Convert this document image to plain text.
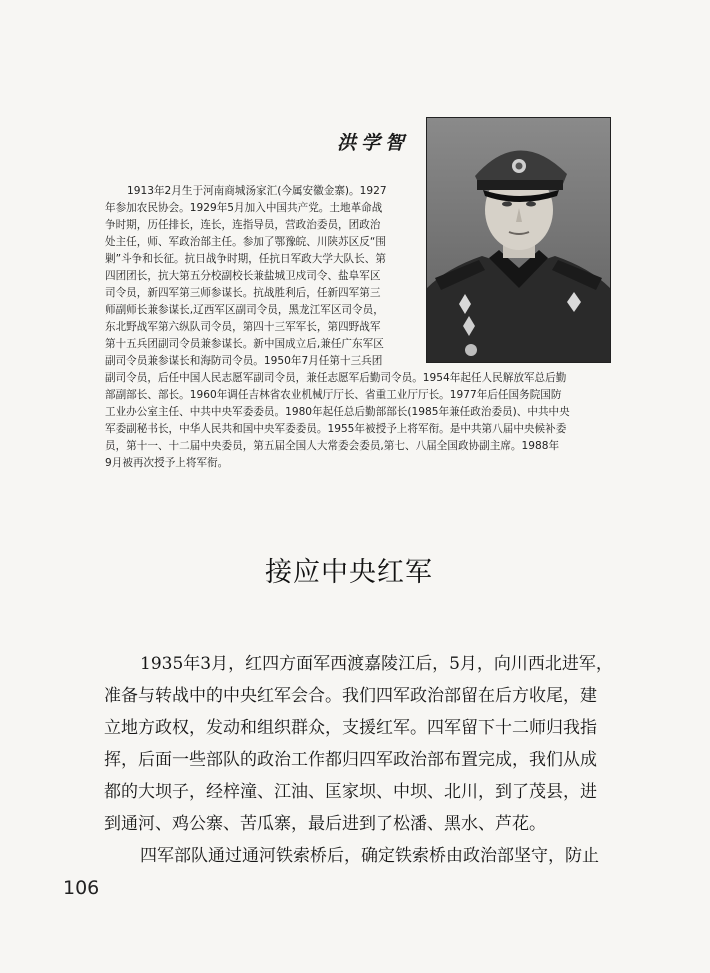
洪学智
1913年2月生于河南商城汤家汇(今属安徽金寨)。1927
年参加农民协会。1929年5月加入中国共产党。土地革命战
争时期，历任排长，连长，连指导员，营政治委员，团政治
处主任，师、军政治部主任。参加了鄂豫皖、川陕苏区反“围
剿”斗争和长征。抗日战争时期，任抗日军政大学大队长、第
四团团长，抗大第五分校副校长兼盐城卫戍司令、盐阜军区
司令员，新四军第三师参谋长。抗战胜利后，任新四军第三
师副师长兼参谋长,辽西军区副司令员，黑龙江军区司令员，
东北野战军第六纵队司令员，第四十三军军长，第四野战军
第十五兵团副司令员兼参谋长。新中国成立后,兼任广东军区
副司令员兼参谋长和海防司令员。1950年7月任第十三兵团
副司令员，后任中国人民志愿军副司令员，兼任志愿军后勤司令员。1954年起任人民解放军总后勤
部副部长、部长。1960年调任吉林省农业机械厅厅长、省重工业厅厅长。1977年后任国务院国防
工业办公室主任、中共中央军委委员。1980年起任总后勤部部长(1985年兼任政治委员)、中共中央
军委副秘书长，中华人民共和国中央军委委员。1955年被授予上将军衔。是中共第八届中央候补委
员，第十一、十二届中央委员，第五届全国人大常委会委员,第七、八届全国政协副主席。1988年
9月被再次授予上将军衔。
接应中央红军
1935年3月，红四方面军西渡嘉陵江后，5月，向川西北进军，
准备与转战中的中央红军会合。我们四军政治部留在后方收尾，建
立地方政权，发动和组织群众，支援红军。四军留下十二师归我指
挥，后面一些部队的政治工作都归四军政治部布置完成，我们从成
都的大坝子，经梓潼、江油、匡家坝、中坝、北川，到了茂县，进
到通河、鸡公寨、苦瓜寨，最后进到了松潘、黑水、芦花。
四军部队通过通河铁索桥后，确定铁索桥由政治部坚守，防止
106
